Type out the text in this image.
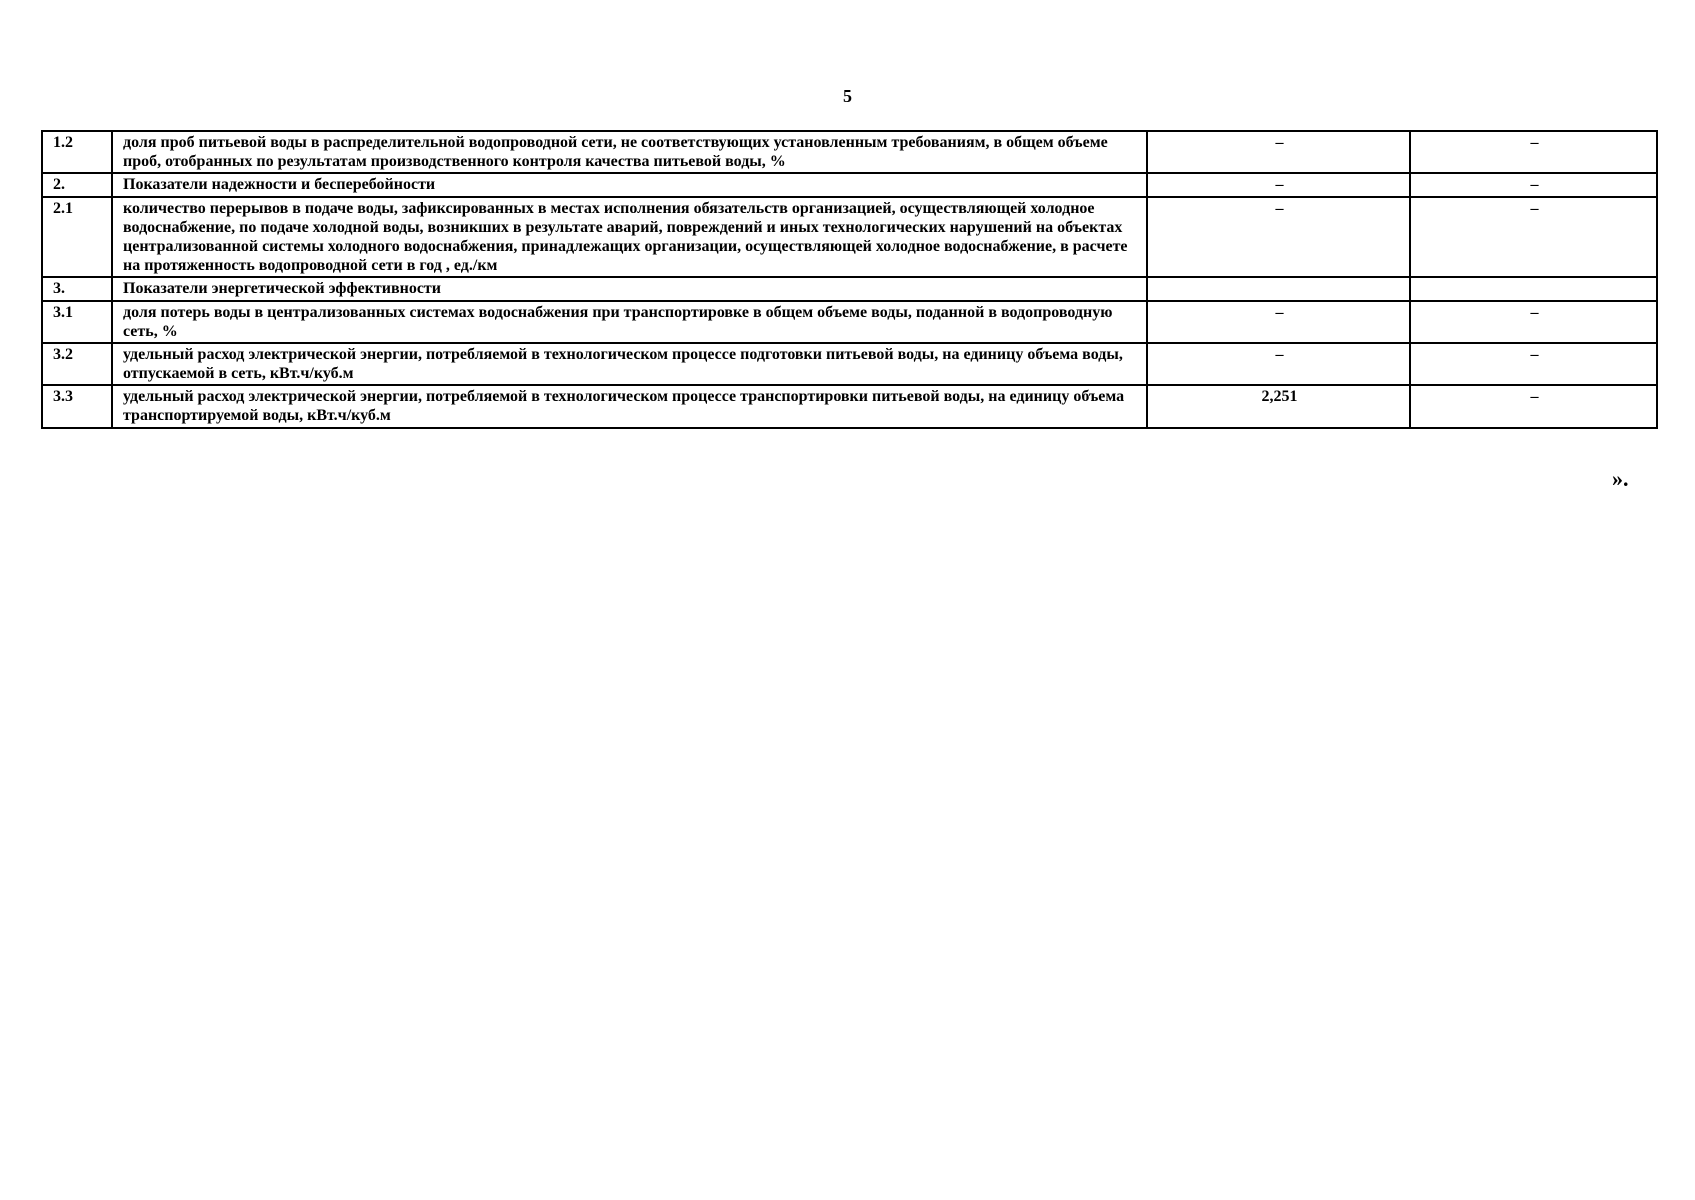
5
1.2	доля проб питьевой воды в распределительной водопроводной сети, не соответствующих установленным требованиям, в общем объеме проб, отобранных по результатам производственного контроля качества питьевой воды, %	–	–
2.	Показатели надежности и бесперебойности	–	–
2.1	количество перерывов в подаче воды, зафиксированных в местах исполнения обязательств организацией, осуществляющей холодное водоснабжение, по подаче холодной воды, возникших в результате аварий, повреждений и иных технологических нарушений на объектах централизованной системы холодного водоснабжения, принадлежащих организации, осуществляющей холодное водоснабжение, в расчете на протяженность водопроводной сети в год , ед./км	–	–
3.	Показатели энергетической эффективности		
3.1	доля потерь воды в централизованных системах водоснабжения при транспортировке в общем объеме воды, поданной в водопроводную сеть, %	–	–
3.2	удельный расход электрической энергии, потребляемой в технологическом процессе подготовки питьевой воды, на единицу объема воды, отпускаемой в сеть, кВт.ч/куб.м	–	–
3.3	удельный расход электрической энергии, потребляемой в технологическом процессе транспортировки питьевой воды, на единицу объема транспортируемой воды, кВт.ч/куб.м	2,251	–
».
